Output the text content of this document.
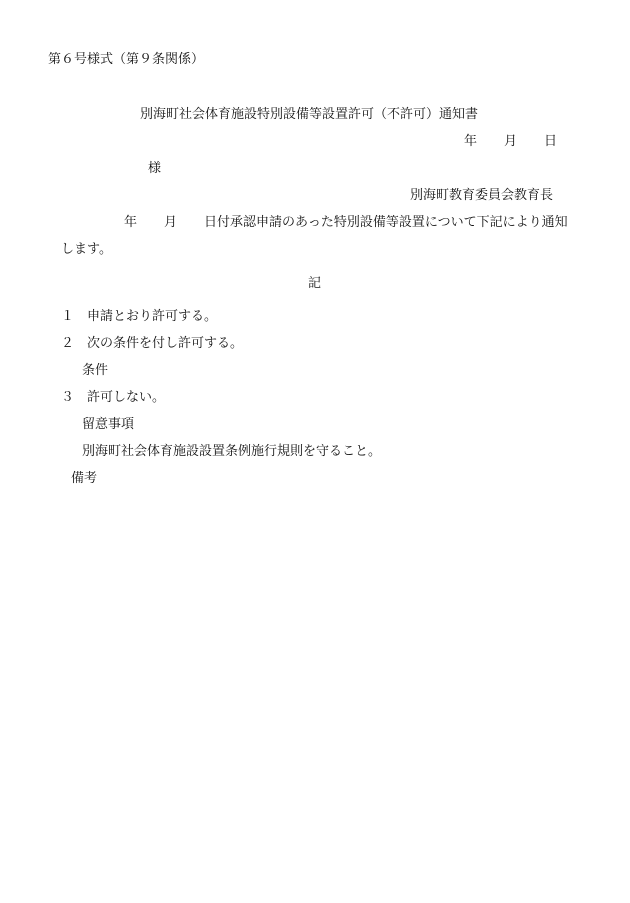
第６号様式（第９条関係）
別海町社会体育施設特別設備等設置許可（不許可）通知書
年 月 日
様
別海町教育委員会教育長
年 月 日付承認申請のあった特別設備等設置について下記により通知
します。
記
１ 申請とおり許可する。
２ 次の条件を付し許可する。
条件
３ 許可しない。
留意事項
別海町社会体育施設設置条例施行規則を守ること。
備考
